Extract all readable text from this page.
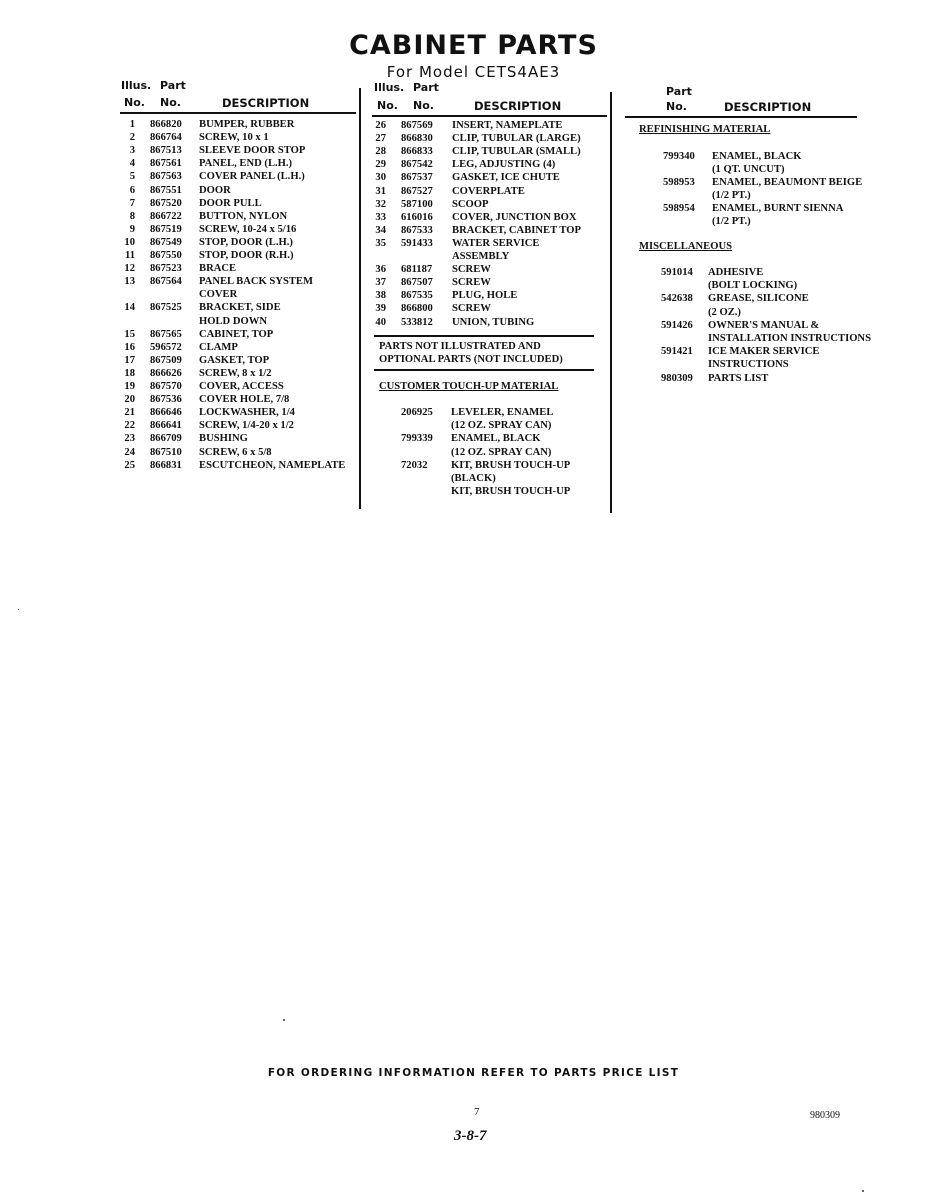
CABINET PARTS
For Model CETS4AE3
Illus. Part
No. No.	DESCRIPTION
1 866820 BUMPER, RUBBER
2 866764 SCREW, 10 x 1
3 867513 SLEEVE DOOR STOP
4 867561 PANEL, END (L.H.)
5 867563 COVER PANEL (L.H.)
6 867551 DOOR
7 867520 DOOR PULL
8 866722 BUTTON, NYLON
9 867519 SCREW, 10-24 x 5/16
10 867549 STOP, DOOR (L.H.)
11 867550 STOP, DOOR (R.H.)
12 867523 BRACE
13 867564 PANEL BACK SYSTEM
COVER
14 867525 BRACKET, SIDE
HOLD DOWN
15 867565 CABINET, TOP
16 596572 CLAMP
17 867509 GASKET, TOP
18 866626 SCREW, 8 x 1/2
19 867570 COVER, ACCESS
20 867536 COVER HOLE, 7/8
21 866646 LOCKWASHER, 1/4
22 866641 SCREW, 1/4-20 x 1/2
23 866709 BUSHING
24 867510 SCREW, 6 x 5/8
25 866831 ESCUTCHEON, NAMEPLATE
Illus. Part
No. No.	DESCRIPTION
26 867569 INSERT, NAMEPLATE
27 866830 CLIP, TUBULAR (LARGE)
28 866833 CLIP, TUBULAR (SMALL)
29 867542 LEG, ADJUSTING (4)
30 867537 GASKET, ICE CHUTE
31 867527 COVERPLATE
32 587100 SCOOP
33 616016 COVER, JUNCTION BOX
34 867533 BRACKET, CABINET TOP
35 591433 WATER SERVICE
ASSEMBLY
36 681187 SCREW
37 867507 SCREW
38 867535 PLUG, HOLE
39 866800 SCREW
40 533812 UNION, TUBING
PARTS NOT ILLUSTRATED AND
OPTIONAL PARTS (NOT INCLUDED)
CUSTOMER TOUCH-UP MATERIAL
206925 LEVELER, ENAMEL
(12 OZ. SPRAY CAN)
799339 ENAMEL, BLACK
(12 OZ. SPRAY CAN)
72032 KIT, BRUSH TOUCH-UP
(BLACK)
KIT, BRUSH TOUCH-UP
Part
No.	DESCRIPTION
REFINISHING MATERIAL
799340 ENAMEL, BLACK
(1 QT. UNCUT)
598953 ENAMEL, BEAUMONT BEIGE
(1/2 PT.)
598954 ENAMEL, BURNT SIENNA
(1/2 PT.)
MISCELLANEOUS
591014 ADHESIVE
(BOLT LOCKING)
542638 GREASE, SILICONE
(2 OZ.)
591426 OWNER'S MANUAL &
INSTALLATION INSTRUCTIONS
591421 ICE MAKER SERVICE
INSTRUCTIONS
980309 PARTS LIST
FOR ORDERING INFORMATION REFER TO PARTS PRICE LIST
7	980309
3-8-7
